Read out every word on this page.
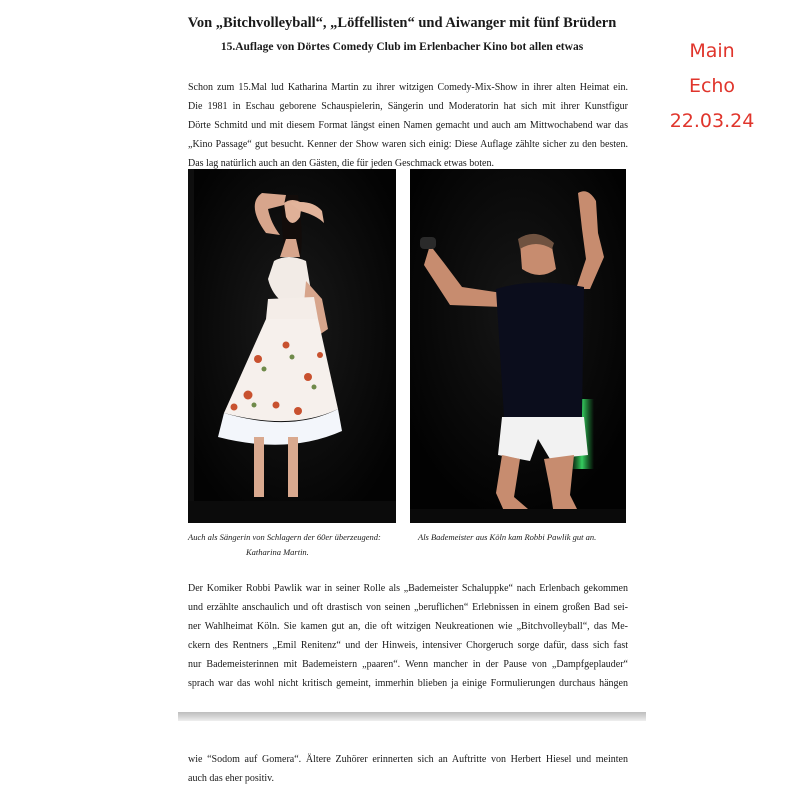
Von „Bitchvolleyball“, „Löffellisten“ und Aiwanger mit fünf Brüdern
15.Auflage von Dörtes Comedy Club im Erlenbacher Kino bot allen etwas	Main
Echo
22.03.24
Schon zum 15.Mal lud Katharina Martin zu ihrer witzigen Comedy-Mix-Show in ihrer alten Heimat ein.
Die 1981 in Eschau geborene Schauspielerin, Sängerin und Moderatorin hat sich mit ihrer Kunstfigur
Dörte Schmitd und mit diesem Format längst einen Namen gemacht und auch am Mittwochabend war das
„Kino Passage“ gut besucht. Kenner der Show waren sich einig: Diese Auflage zählte sicher zu den besten.
Das lag natürlich auch an den Gästen, die für jeden Geschmack etwas boten.
Auch als Sängerin von Schlagern der 60er überzeugend:
Katharina Martin.
Als Bademeister aus Köln kam Robbi Pawlik gut an.
Der Komiker Robbi Pawlik war in seiner Rolle als „Bademeister Schaluppke“ nach Erlenbach gekommen
und erzählte anschaulich und oft drastisch von seinen „beruflichen“ Erlebnissen in einem großen Bad sei-
ner Wahlheimat Köln. Sie kamen gut an, die oft witzigen Neukreationen wie „Bitchvolleyball“, das Me-
ckern des Rentners „Emil Renitenz“ und der Hinweis, intensiver Chorgeruch sorge dafür, dass sich fast
nur Bademeisterinnen mit Bademeistern „paaren“. Wenn mancher in der Pause von „Dampfgeplauder“
sprach war das wohl nicht kritisch gemeint, immerhin blieben ja einige Formulierungen durchaus hängen
wie “Sodom auf Gomera“. Ältere Zuhörer erinnerten sich an Auftritte von Herbert Hiesel und meinten
auch das eher positiv.
